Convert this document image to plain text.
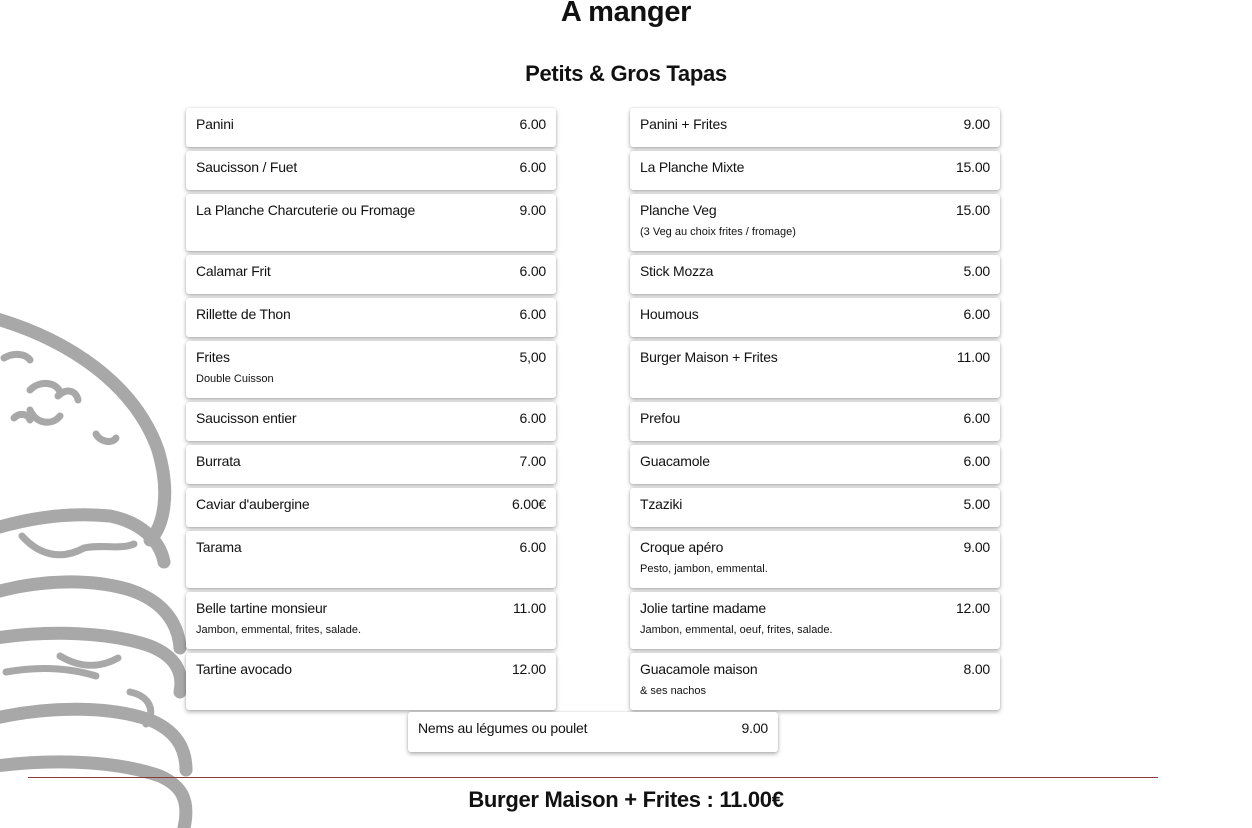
A manger
Petits & Gros Tapas
Panini	6.00
Saucisson / Fuet	6.00
La Planche Charcuterie ou Fromage	9.00
Calamar Frit	6.00
Rillette de Thon	6.00
Frites	5,00
Double Cuisson
Saucisson entier	6.00
Burrata	7.00
Caviar d'aubergine	6.00€
Tarama	6.00
Belle tartine monsieur	11.00
Jambon, emmental, frites, salade.
Tartine avocado	12.00
Panini + Frites	9.00
La Planche Mixte	15.00
Planche Veg	15.00
(3 Veg au choix frites / fromage)
Stick Mozza	5.00
Houmous	6.00
Burger Maison + Frites	11.00
Prefou	6.00
Guacamole	6.00
Tzaziki	5.00
Croque apéro	9.00
Pesto, jambon, emmental.
Jolie tartine madame	12.00
Jambon, emmental, oeuf, frites, salade.
Guacamole maison	8.00
& ses nachos
Nems au légumes ou poulet	9.00
Burger Maison + Frites : 11.00€
